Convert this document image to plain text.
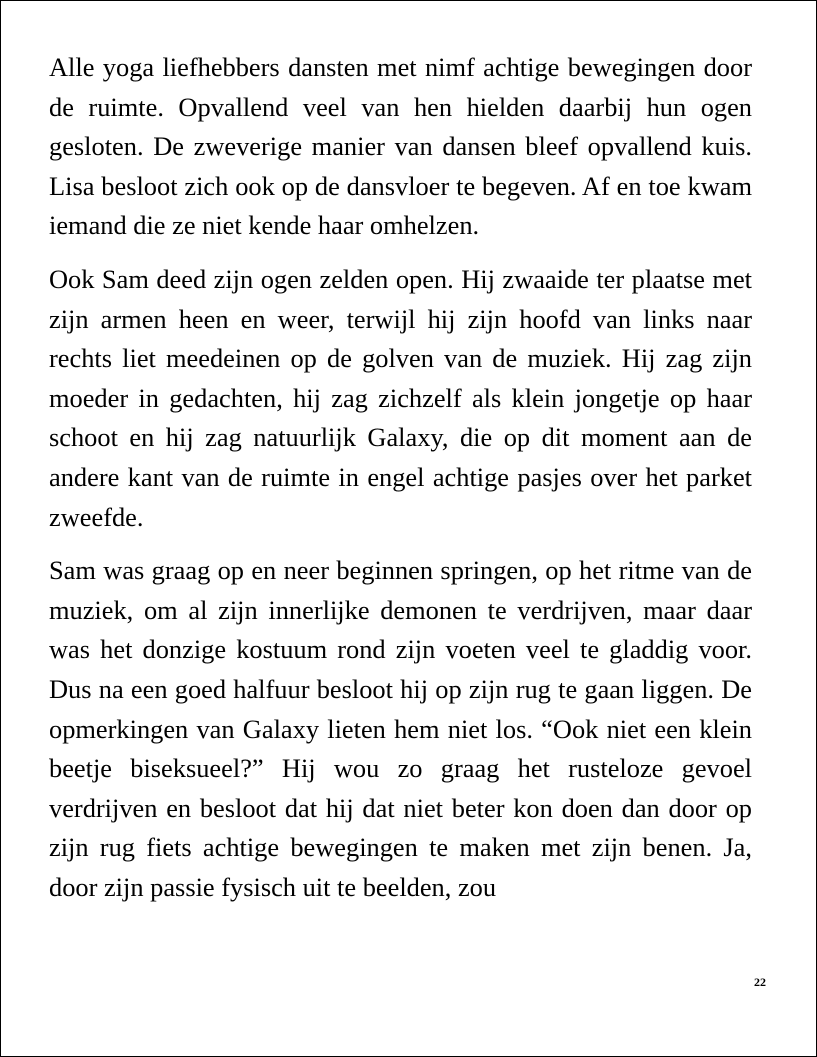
Alle yoga liefhebbers dansten met nimf achtige bewegingen door de ruimte. Opvallend veel van hen hielden daarbij hun ogen gesloten. De zweverige manier van dansen bleef opvallend kuis. Lisa besloot zich ook op de dansvloer te begeven. Af en toe kwam iemand die ze niet kende haar omhelzen.

Ook Sam deed zijn ogen zelden open. Hij zwaaide ter plaatse met zijn armen heen en weer, terwijl hij zijn hoofd van links naar rechts liet meedeinen op de golven van de muziek. Hij zag zijn moeder in gedachten, hij zag zichzelf als klein jongetje op haar schoot en hij zag natuurlijk Galaxy, die op dit moment aan de andere kant van de ruimte in engel achtige pasjes over het parket zweefde.

Sam was graag op en neer beginnen springen, op het ritme van de muziek, om al zijn innerlijke demonen te verdrijven, maar daar was het donzige kostuum rond zijn voeten veel te gladdig voor. Dus na een goed halfuur besloot hij op zijn rug te gaan liggen. De opmerkingen van Galaxy lieten hem niet los. “Ook niet een klein beetje biseksueel?” Hij wou zo graag het rusteloze gevoel verdrijven en besloot dat hij dat niet beter kon doen dan door op zijn rug fiets achtige bewegingen te maken met zijn benen. Ja, door zijn passie fysisch uit te beelden, zou

22
